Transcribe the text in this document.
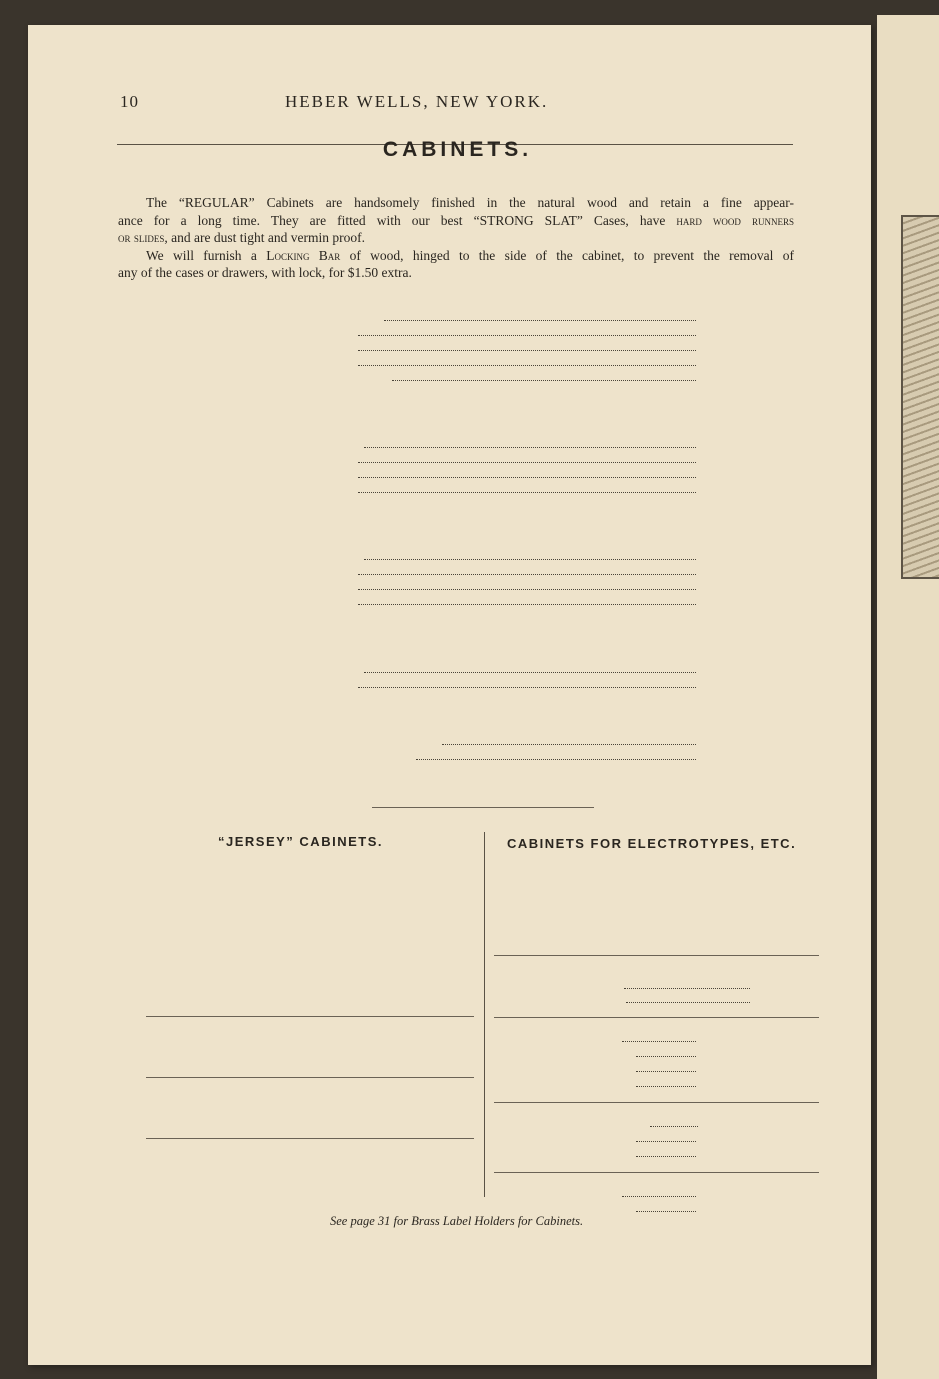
10	HEBER WELLS, NEW YORK.
CABINETS.
The “REGULAR” Cabinets are handsomely finished in the natural wood and retain a fine appear-
ance for a long time. They are fitted with our best “STRONG SLAT” Cases, have hard wood runners
or slides, and are dust tight and vermin proof.
We will furnish a Locking Bar of wood, hinged to the side of the cabinet, to prevent the removal of
any of the cases or drawers, with lock, for $1.50 extra.
“JERSEY” CABINETS.	CABINETS FOR ELECTROTYPES, ETC.
See page 31 for Brass Label Holders for Cabinets.
